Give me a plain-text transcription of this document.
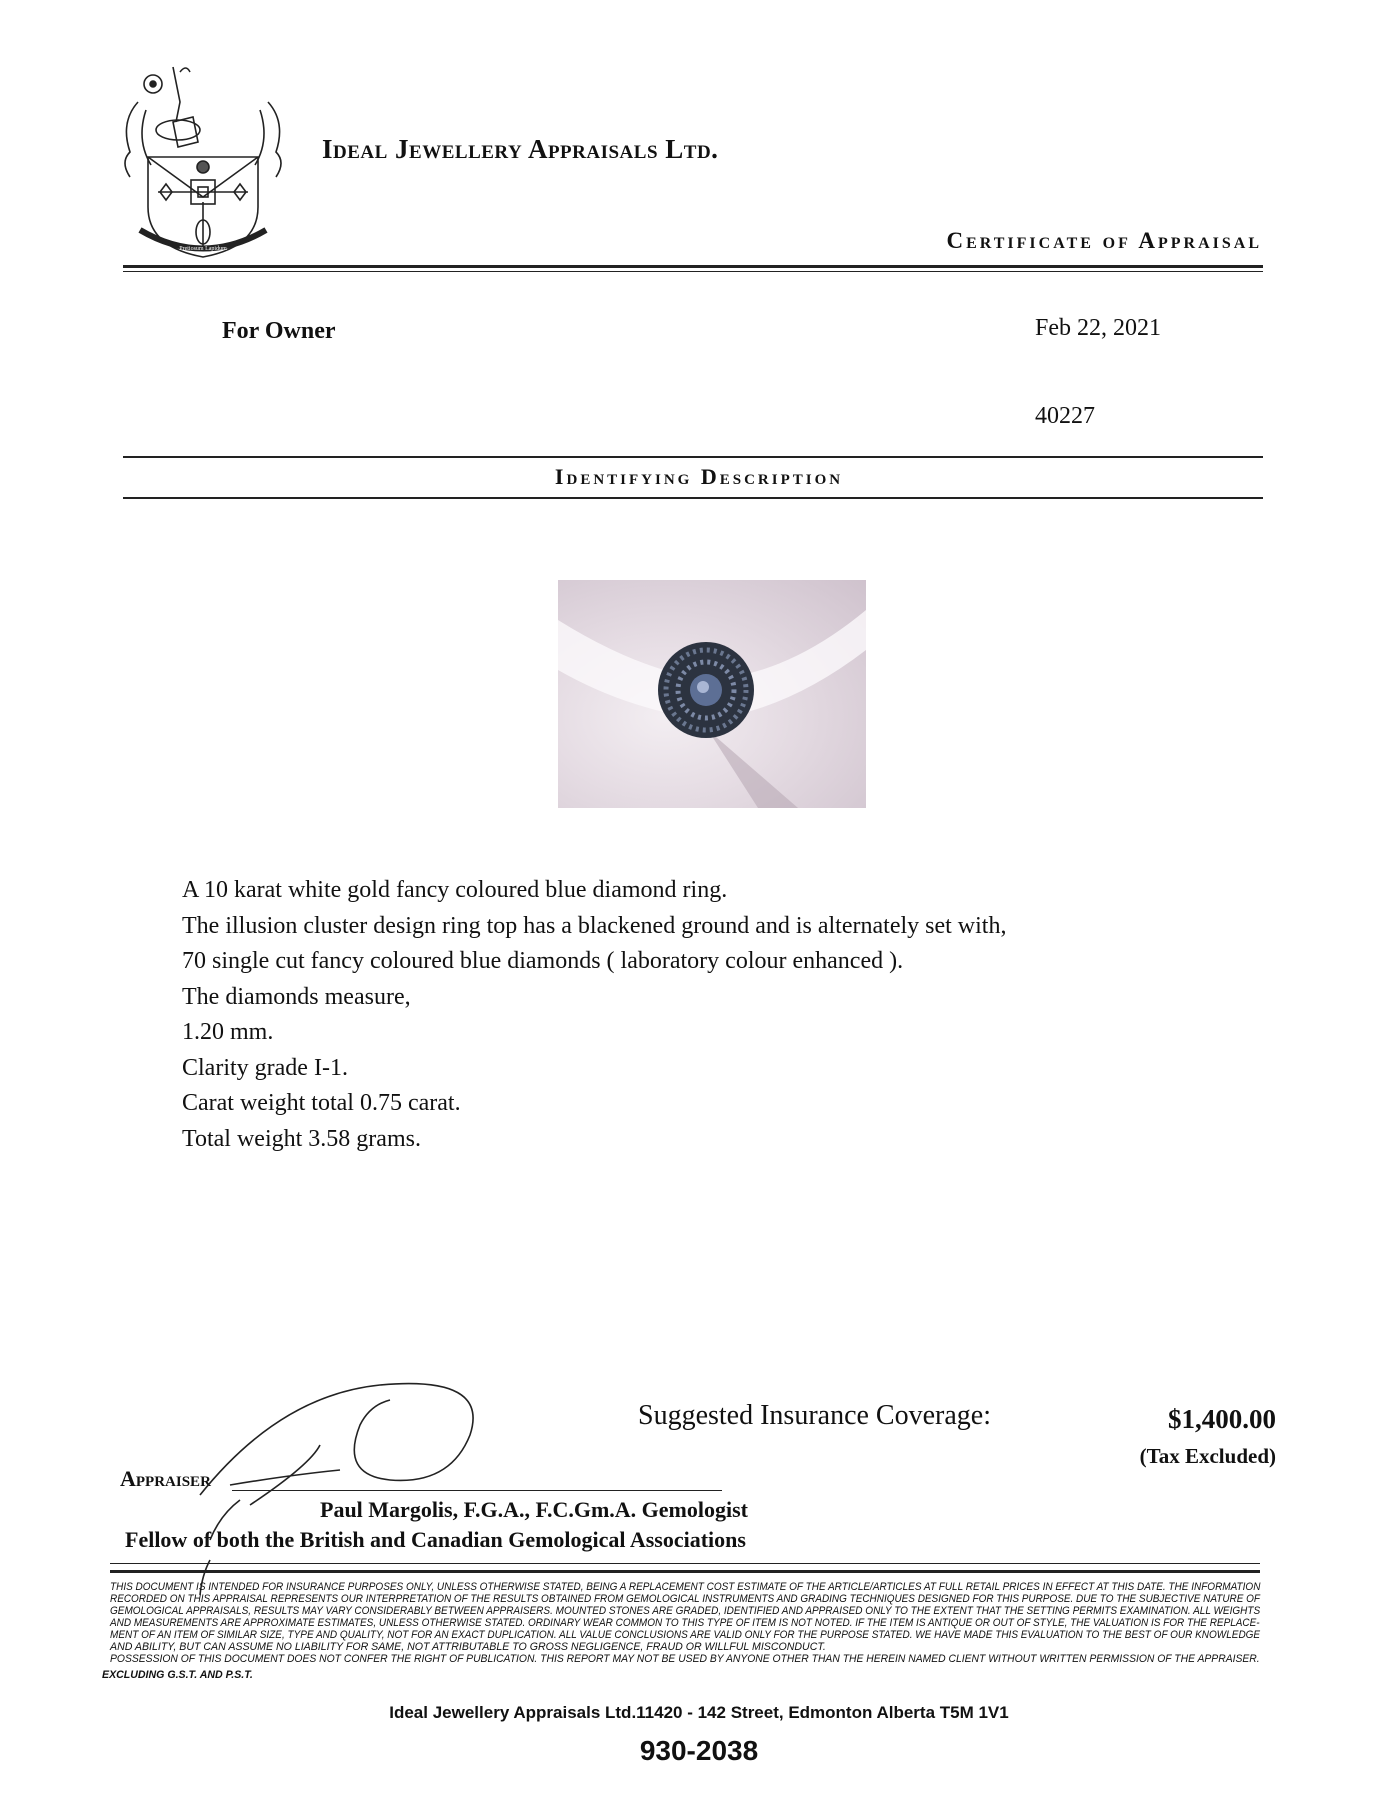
Pretiosum Lapidum
Ideal Jewellery Appraisals Ltd.
Certificate of Appraisal
For Owner	Feb 22, 2021
40227
Identifying Description
A 10 karat white gold fancy coloured blue diamond ring.
The illusion cluster design ring top has a blackened ground and is alternately set with,
70 single cut fancy coloured blue diamonds ( laboratory colour enhanced ).
The diamonds measure,
1.20 mm.
Clarity grade I-1.
Carat weight total 0.75 carat.
Total weight 3.58 grams.
Suggested Insurance Coverage:	$1,400.00
(Tax Excluded)
Appraiser
Paul Margolis, F.G.A., F.C.Gm.A. Gemologist
Fellow of both the British and Canadian Gemological Associations
THIS DOCUMENT IS INTENDED FOR INSURANCE PURPOSES ONLY, UNLESS OTHERWISE STATED, BEING A REPLACEMENT COST ESTIMATE OF THE ARTICLE/ARTICLES AT FULL RETAIL PRICES IN EFFECT AT THIS DATE. THE INFORMATION
RECORDED ON THIS APPRAISAL REPRESENTS OUR INTERPRETATION OF THE RESULTS OBTAINED FROM GEMOLOGICAL INSTRUMENTS AND GRADING TECHNIQUES DESIGNED FOR THIS PURPOSE. DUE TO THE SUBJECTIVE NATURE OF
GEMOLOGICAL APPRAISALS, RESULTS MAY VARY CONSIDERABLY BETWEEN APPRAISERS. MOUNTED STONES ARE GRADED, IDENTIFIED AND APPRAISED ONLY TO THE EXTENT THAT THE SETTING PERMITS EXAMINATION. ALL WEIGHTS
AND MEASUREMENTS ARE APPROXIMATE ESTIMATES, UNLESS OTHERWISE STATED. ORDINARY WEAR COMMON TO THIS TYPE OF ITEM IS NOT NOTED. IF THE ITEM IS ANTIQUE OR OUT OF STYLE, THE VALUATION IS FOR THE REPLACE-
MENT OF AN ITEM OF SIMILAR SIZE, TYPE AND QUALITY, NOT FOR AN EXACT DUPLICATION. ALL VALUE CONCLUSIONS ARE VALID ONLY FOR THE PURPOSE STATED. WE HAVE MADE THIS EVALUATION TO THE BEST OF OUR KNOWLEDGE
AND ABILITY, BUT CAN ASSUME NO LIABILITY FOR SAME, NOT ATTRIBUTABLE TO GROSS NEGLIGENCE, FRAUD OR WILLFUL MISCONDUCT.
POSSESSION OF THIS DOCUMENT DOES NOT CONFER THE RIGHT OF PUBLICATION. THIS REPORT MAY NOT BE USED BY ANYONE OTHER THAN THE HEREIN NAMED CLIENT WITHOUT WRITTEN PERMISSION OF THE APPRAISER.
EXCLUDING G.S.T. AND P.S.T.
Ideal Jewellery Appraisals Ltd.11420 - 142 Street, Edmonton Alberta T5M 1V1
930-2038
